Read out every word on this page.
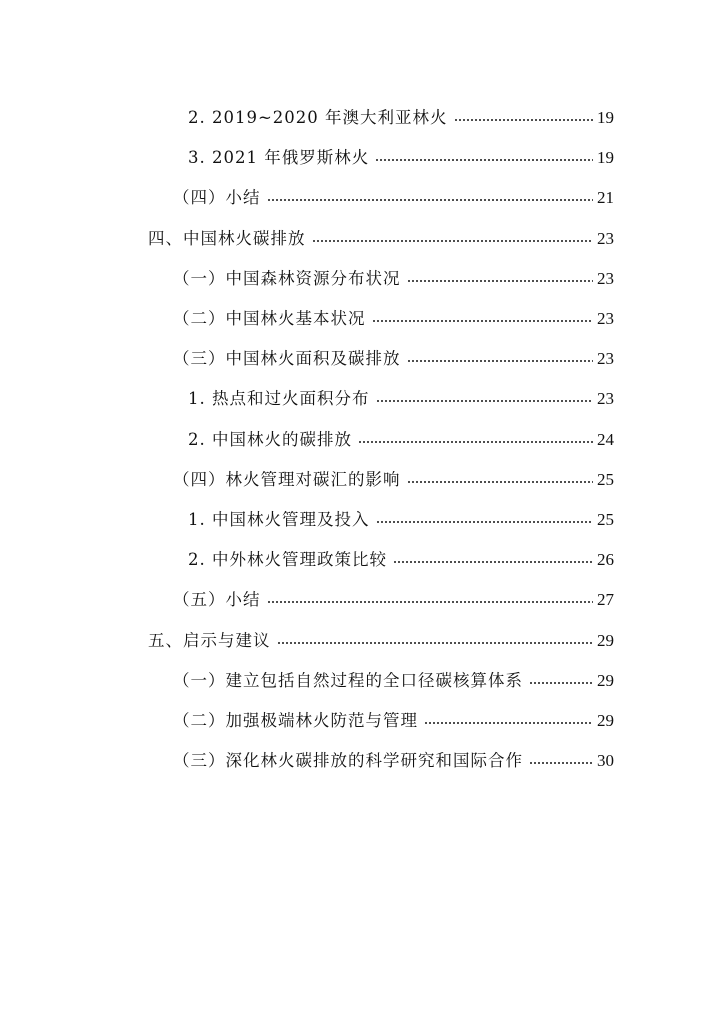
2. 2019~2020 年澳大利亚林火	19
3. 2021 年俄罗斯林火	19
（四）小结	21
四、中国林火碳排放	23
（一）中国森林资源分布状况	23
（二）中国林火基本状况	23
（三）中国林火面积及碳排放	23
1. 热点和过火面积分布	23
2. 中国林火的碳排放	24
（四）林火管理对碳汇的影响	25
1. 中国林火管理及投入	25
2. 中外林火管理政策比较	26
（五）小结	27
五、启示与建议	29
（一）建立包括自然过程的全口径碳核算体系	29
（二）加强极端林火防范与管理	29
（三）深化林火碳排放的科学研究和国际合作	30
